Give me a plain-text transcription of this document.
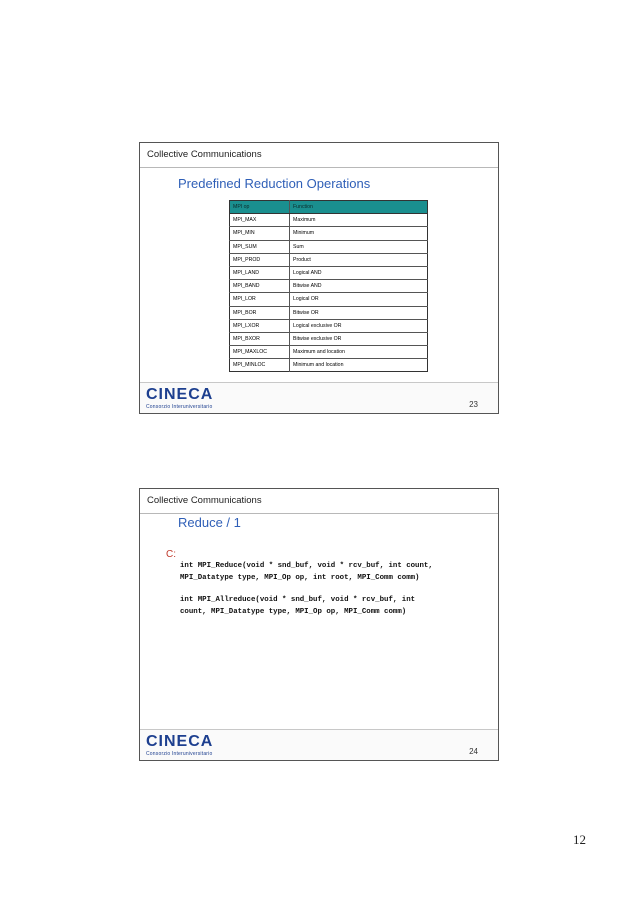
Collective Communications
Predefined Reduction Operations
MPI op	Function
MPI_MAX	Maximum
MPI_MIN	Minimum
MPI_SUM	Sum
MPI_PROD	Product
MPI_LAND	Logical AND
MPI_BAND	Bitwise AND
MPI_LOR	Logical OR
MPI_BOR	Bitwise OR
MPI_LXOR	Logical exclusive OR
MPI_BXOR	Bitwise exclusive OR
MPI_MAXLOC	Maximum and location
MPI_MINLOC	Minimum and location
CINECA
Consorzio Interuniversitario	23
Collective Communications
Reduce / 1
C:
int MPI_Reduce(void * snd_buf, void * rcv_buf, int count,
MPI_Datatype type, MPI_Op op, int root, MPI_Comm comm)
int MPI_Allreduce(void * snd_buf, void * rcv_buf, int
count, MPI_Datatype type, MPI_Op op, MPI_Comm comm)
CINECA
Consorzio Interuniversitario	24
12
